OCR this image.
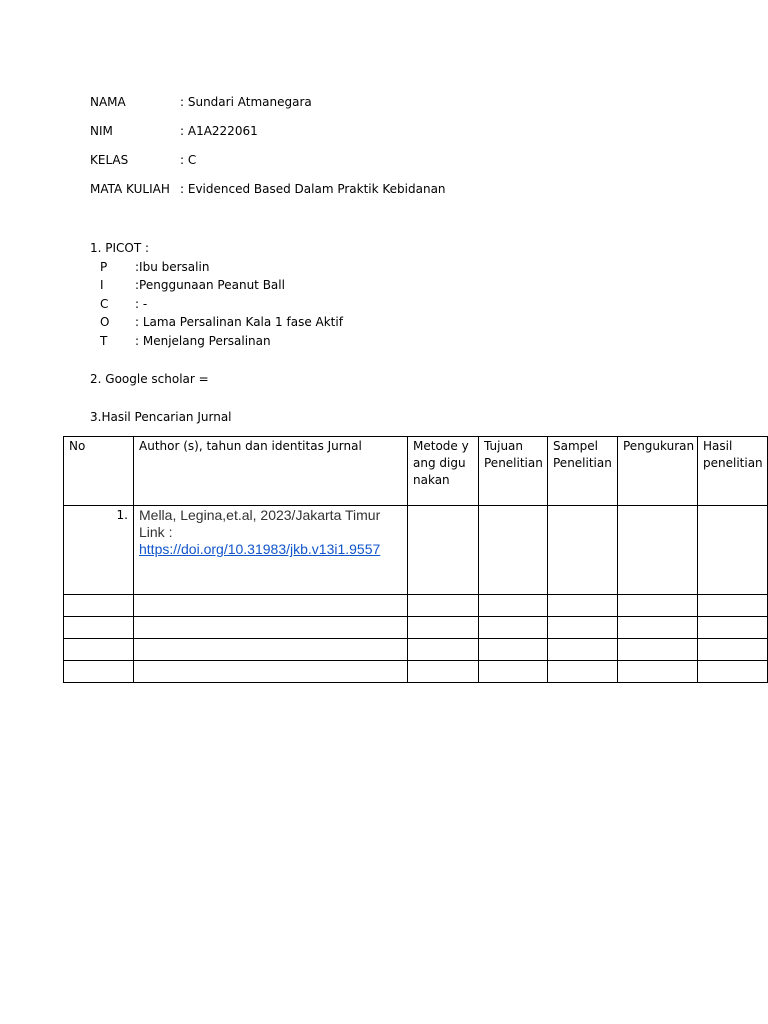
NAMA	: Sundari Atmanegara
NIM	: A1A222061
KELAS	: C
MATA KULIAH : Evidenced Based Dalam Praktik Kebidanan
1. PICOT :
P :Ibu bersalin
I	:Penggunaan Peanut Ball
C : -
O : Lama Persalinan Kala 1 fase Aktif
T : Menjelang Persalinan
2. Google scholar =
3.Hasil Pencarian Jurnal
No	Author (s), tahun dan identitas Jurnal	Metode yang digunakan	Tujuan Penelitian	Sampel Penelitian	Pengukuran	Hasil penelitian
1.	Mella, Legina,et.al, 2023/Jakarta Timur
Link :
https://doi.org/10.31983/jkb.v13i1.9557					
